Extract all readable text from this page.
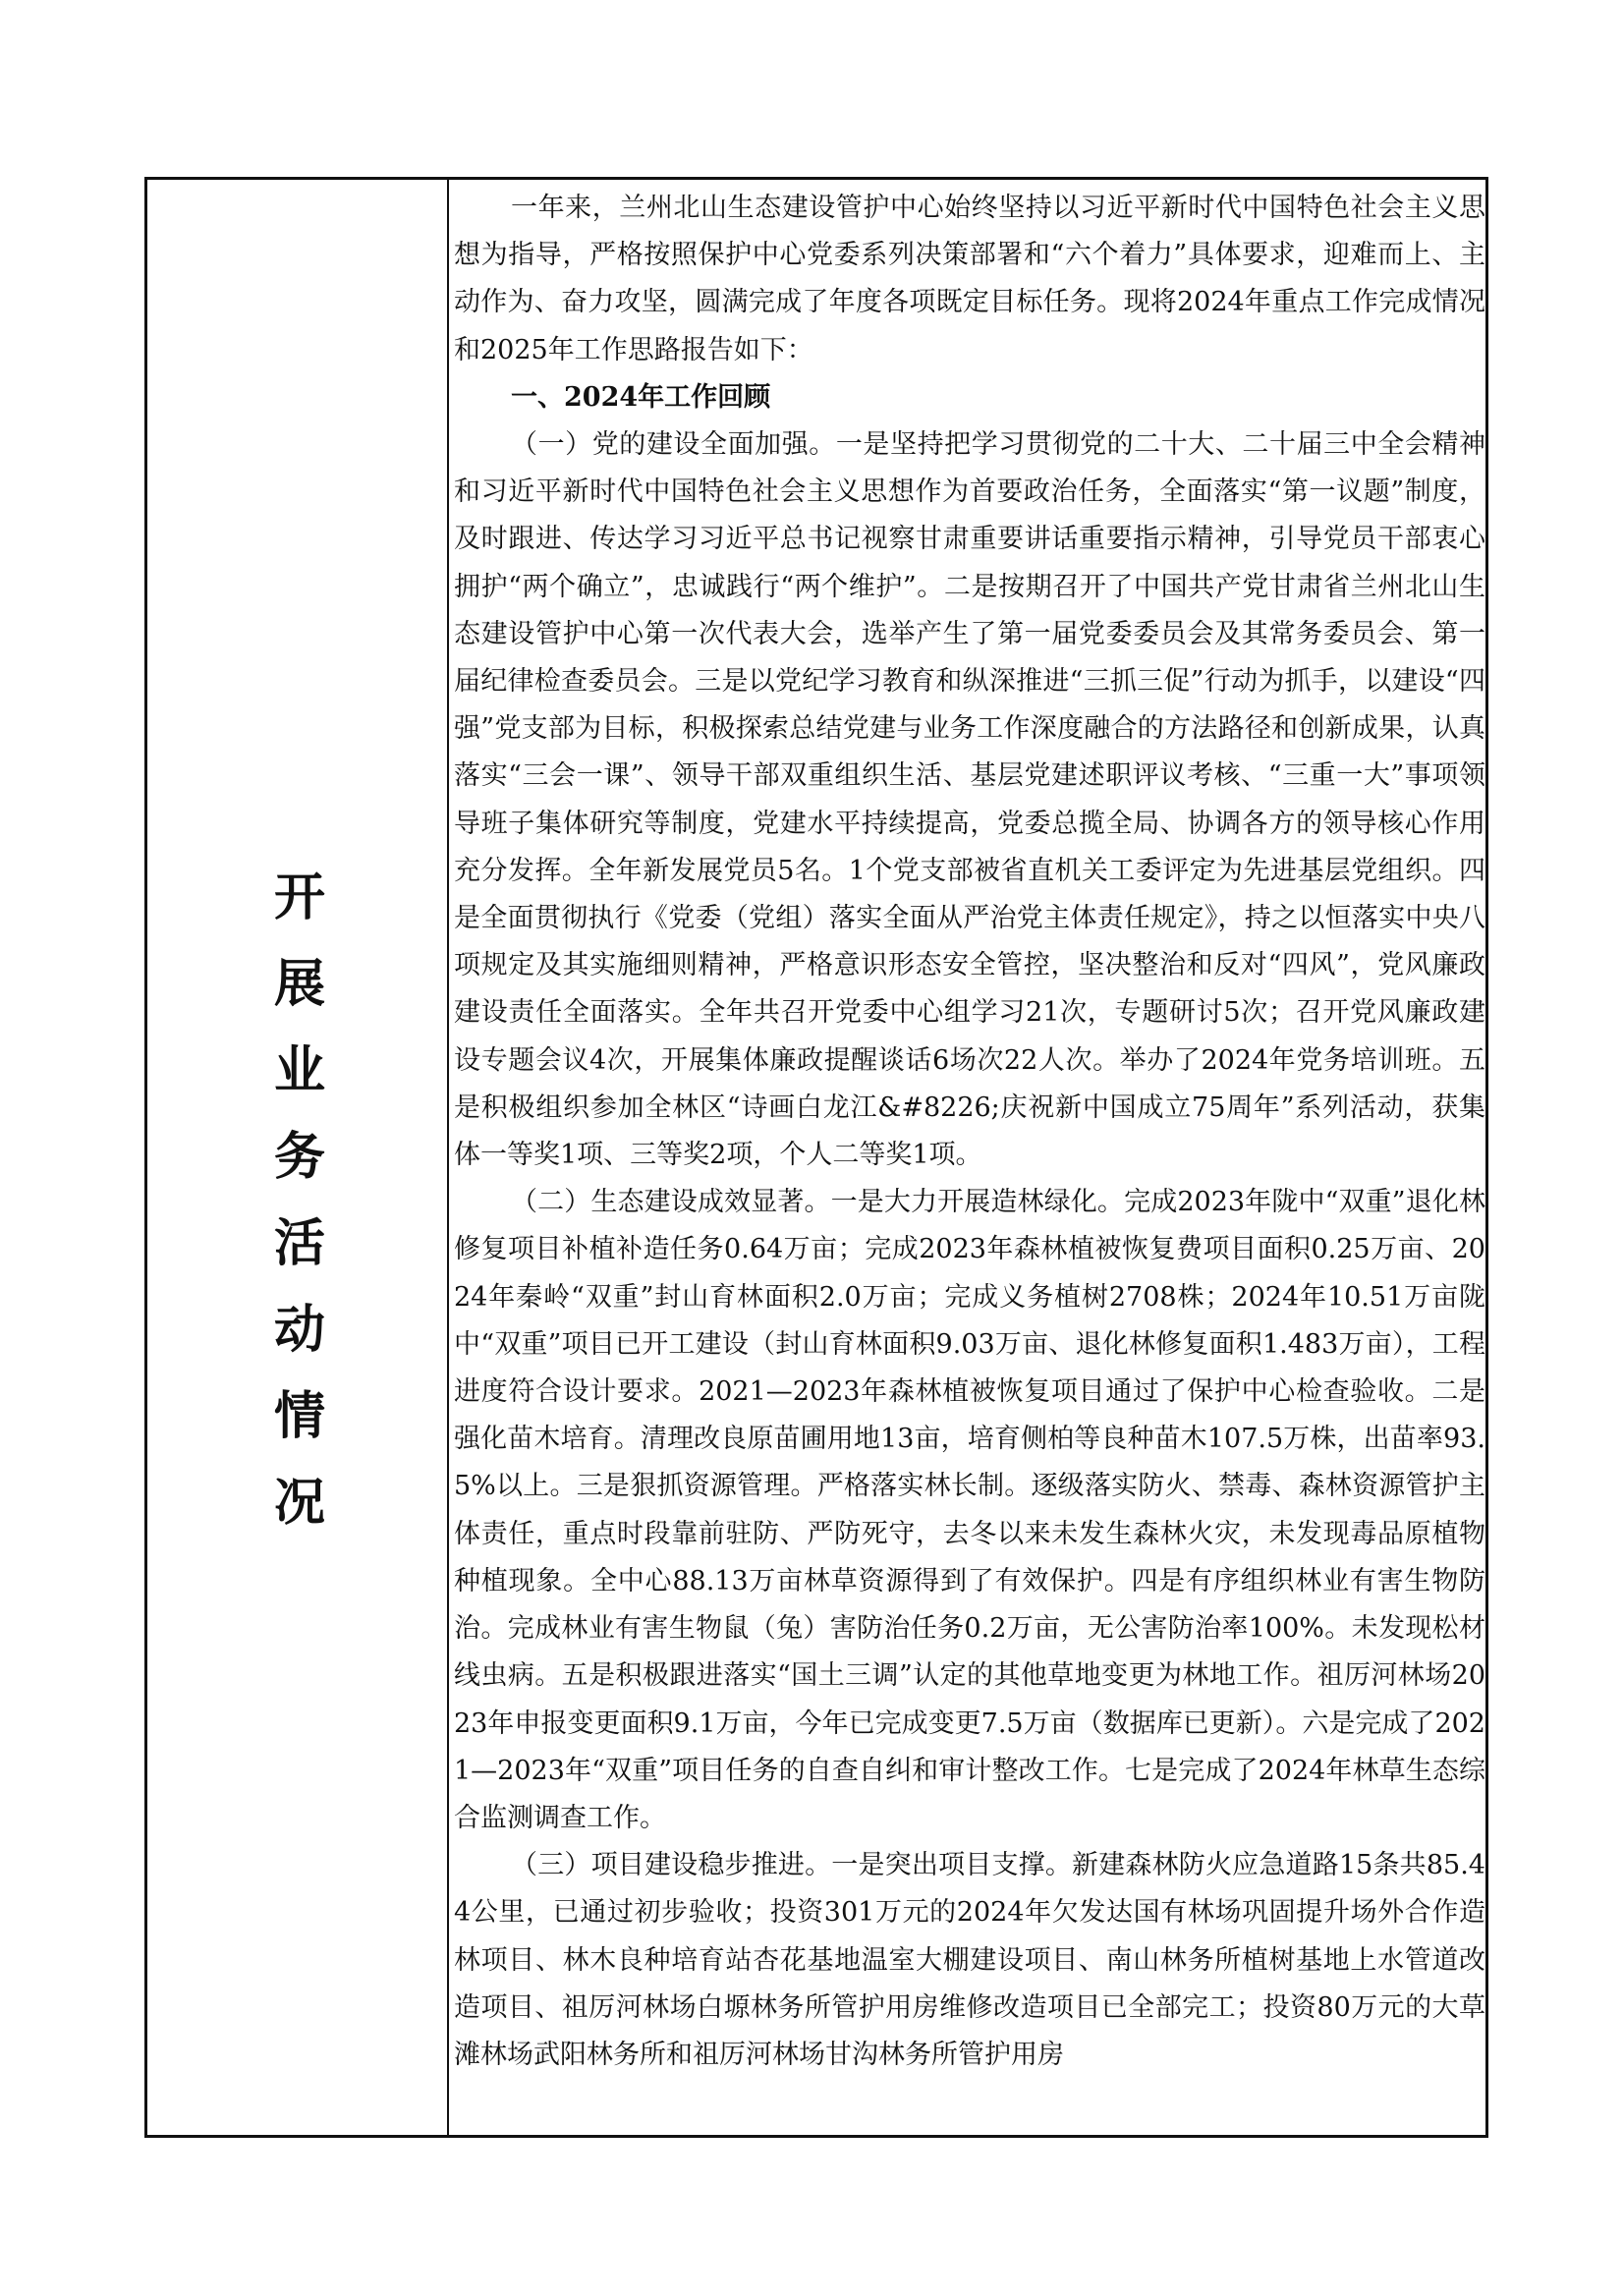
开
展
业
务
活
动
情
况

一年来，兰州北山生态建设管护中心始终坚持以习近平新时代中国特色社会主义思想为指导，严格按照保护中心党委系列决策部署和“六个着力”具体要求，迎难而上、主动作为、奋力攻坚，圆满完成了年度各项既定目标任务。现将2024年重点工作完成情况和2025年工作思路报告如下：

一、2024年工作回顾

（一）党的建设全面加强。一是坚持把学习贯彻党的二十大、二十届三中全会精神和习近平新时代中国特色社会主义思想作为首要政治任务，全面落实“第一议题”制度，及时跟进、传达学习习近平总书记视察甘肃重要讲话重要指示精神，引导党员干部衷心拥护“两个确立”，忠诚践行“两个维护”。二是按期召开了中国共产党甘肃省兰州北山生态建设管护中心第一次代表大会，选举产生了第一届党委委员会及其常务委员会、第一届纪律检查委员会。三是以党纪学习教育和纵深推进“三抓三促”行动为抓手，以建设“四强”党支部为目标，积极探索总结党建与业务工作深度融合的方法路径和创新成果，认真落实“三会一课”、领导干部双重组织生活、基层党建述职评议考核、“三重一大”事项领导班子集体研究等制度，党建水平持续提高，党委总揽全局、协调各方的领导核心作用充分发挥。全年新发展党员5名。1个党支部被省直机关工委评定为先进基层党组织。四是全面贯彻执行《党委（党组）落实全面从严治党主体责任规定》，持之以恒落实中央八项规定及其实施细则精神，严格意识形态安全管控，坚决整治和反对“四风”，党风廉政建设责任全面落实。全年共召开党委中心组学习21次，专题研讨5次；召开党风廉政建设专题会议4次，开展集体廉政提醒谈话6场次22人次。举办了2024年党务培训班。五是积极组织参加全林区“诗画白龙江&#8226;庆祝新中国成立75周年”系列活动，获集体一等奖1项、三等奖2项，个人二等奖1项。

（二）生态建设成效显著。一是大力开展造林绿化。完成2023年陇中“双重”退化林修复项目补植补造任务0.64万亩；完成2023年森林植被恢复费项目面积0.25万亩、2024年秦岭“双重”封山育林面积2.0万亩；完成义务植树2708株；2024年10.51万亩陇中“双重”项目已开工建设（封山育林面积9.03万亩、退化林修复面积1.483万亩），工程进度符合设计要求。2021—2023年森林植被恢复项目通过了保护中心检查验收。二是强化苗木培育。清理改良原苗圃用地13亩，培育侧柏等良种苗木107.5万株，出苗率93.5%以上。三是狠抓资源管理。严格落实林长制。逐级落实防火、禁毒、森林资源管护主体责任，重点时段靠前驻防、严防死守，去冬以来未发生森林火灾，未发现毒品原植物种植现象。全中心88.13万亩林草资源得到了有效保护。四是有序组织林业有害生物防治。完成林业有害生物鼠（兔）害防治任务0.2万亩，无公害防治率100%。未发现松材线虫病。五是积极跟进落实“国土三调”认定的其他草地变更为林地工作。祖厉河林场2023年申报变更面积9.1万亩，今年已完成变更7.5万亩（数据库已更新）。六是完成了2021—2023年“双重”项目任务的自查自纠和审计整改工作。七是完成了2024年林草生态综合监测调查工作。

（三）项目建设稳步推进。一是突出项目支撑。新建森林防火应急道路15条共85.44公里，已通过初步验收；投资301万元的2024年欠发达国有林场巩固提升场外合作造林项目、林木良种培育站杏花基地温室大棚建设项目、南山林务所植树基地上水管道改造项目、祖厉河林场白塬林务所管护用房维修改造项目已全部完工；投资80万元的大草滩林场武阳林务所和祖厉河林场甘沟林务所管护用房
